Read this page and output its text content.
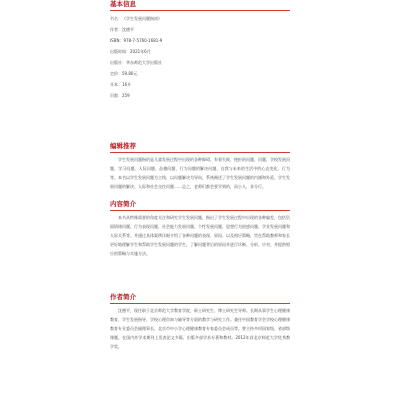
基本信息
书名：《学生发展问题指南》
作者：沈德平
ISBN：978-7-5760-1681-9
出版时间：2021年6月
出版社：华东师范大学出版社
定价：59.80元
开本：16开
页数：259
编辑推荐

学生发展问题指的是儿童发展过程中出现的各种障碍、有着失败、挫折的问题、问题、学校发展问题、学习问题、人际问题、品德问题、行为问题的解决问题、自我与未来的生活中的心态变化、行为等。本书以学生发展问题为主线，以问题解决为导向，系统阐述了学生发展问题的内涵和外延。学生发展问题的解决、人际和社会交往问题……总之，老师们都会要学到的，而小人，非分行。

内容简介

本书从特殊需要的角度关注和研究学生发展问题，指出了学生发展过程中出现的各种偏差，包括负面情绪问题、行为表现问题、社会能力发展问题、个性发展问题、思想行为困惑问题、学业发展问题和人际关系等。并通过具体案例详细介绍了各种问题的表现、原因、以及相应策略，旨在帮助教师和家长更好地理解学生和帮助学生发展问题的学生，了解问题背后的原因并进行诊断、分析、应对，并提供相应的策略与实施方法。

作者简介

沈德平，现任职于北京师范大学教育学院，硕士研究生、博士研究生导师。长期从事学生心理健康教育、学生发展指导、学校心理咨询与辅导等方面的教学与研究工作。兼任中国教育学会学校心理健康教育专业委员会副理事长、北京市中小学心理健康教育专家委员会成员等。曾主持多项国家级、省部级课题，在国内外学术期刊上发表论文多篇，出版多部学术专著和教材。2012年获北京师范大学优秀教学奖。
